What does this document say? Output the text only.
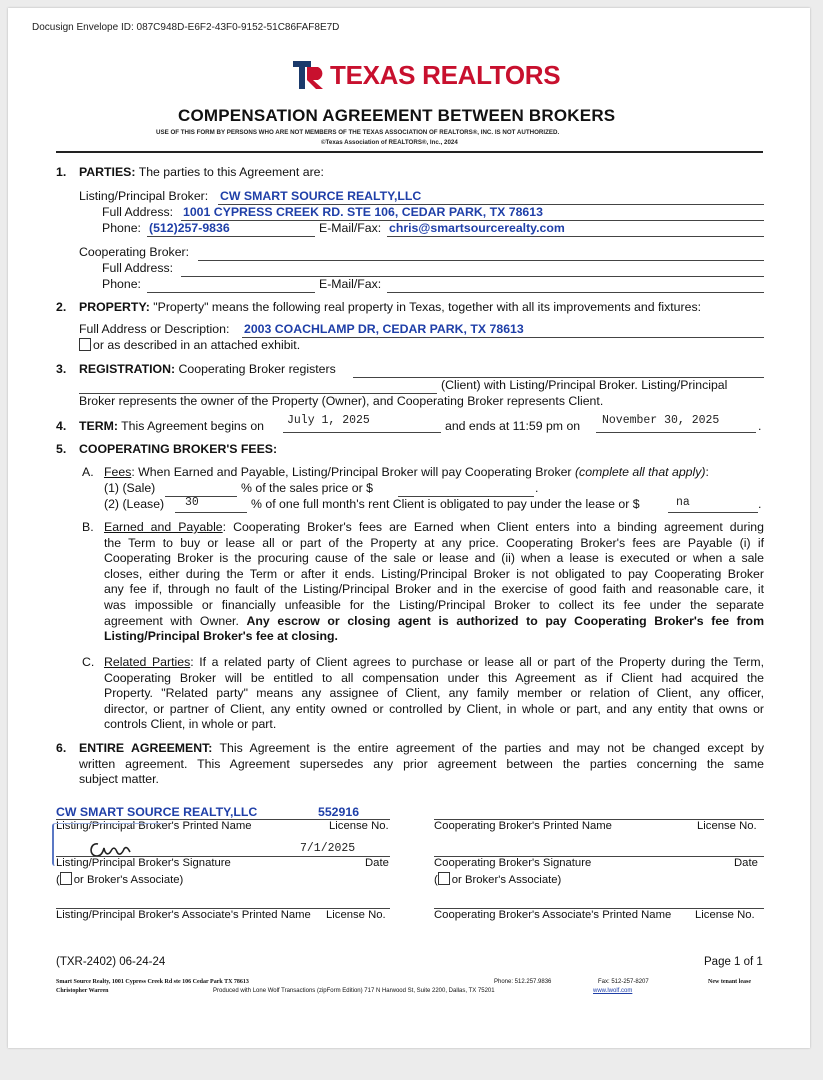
Docusign Envelope ID: 087C948D-E6F2-43F0-9152-51C86FAF8E7D
TEXAS REALTORS
COMPENSATION AGREEMENT BETWEEN BROKERS
USE OF THIS FORM BY PERSONS WHO ARE NOT MEMBERS OF THE TEXAS ASSOCIATION OF REALTORS®, INC. IS NOT AUTHORIZED.
©Texas Association of REALTORS®, Inc., 2024
1. PARTIES: The parties to this Agreement are:
Listing/Principal Broker: CW SMART SOURCE REALTY,LLC
Full Address: 1001 CYPRESS CREEK RD. STE 106, CEDAR PARK, TX 78613
Phone: (512)257-9836	E-Mail/Fax: chris@smartsourcerealty.com
Cooperating Broker:
Full Address:
Phone:	E-Mail/Fax:
2. PROPERTY: "Property" means the following real property in Texas, together with all its improvements and fixtures:
Full Address or Description: 2003 COACHLAMP DR, CEDAR PARK, TX 78613
or as described in an attached exhibit.
3. REGISTRATION: Cooperating Broker registers
(Client) with Listing/Principal Broker. Listing/Principal
Broker represents the owner of the Property (Owner), and Cooperating Broker represents Client.
4. TERM: This Agreement begins on July 1, 2025	and ends at 11:59 pm on November 30, 2025	.
5. COOPERATING BROKER'S FEES:
A. Fees: When Earned and Payable, Listing/Principal Broker will pay Cooperating Broker (complete all that apply):
(1) (Sale)	% of the sales price or $	.
(2) (Lease) 30	% of one full month's rent Client is obligated to pay under the lease or $	na	.
B. Earned and Payable: Cooperating Broker's fees are Earned when Client enters into a binding agreement during
the Term to buy or lease all or part of the Property at any price. Cooperating Broker's fees are Payable (i) if
Cooperating Broker is the procuring cause of the sale or lease and (ii) when a lease is executed or when a sale
closes, either during the Term or after it ends. Listing/Principal Broker is not obligated to pay Cooperating Broker
any fee if, through no fault of the Listing/Principal Broker and in the exercise of good faith and reasonable care, it
was impossible or financially unfeasible for the Listing/Principal Broker to collect its fee under the separate
agreement with Owner. Any escrow or closing agent is authorized to pay Cooperating Broker's fee from
Listing/Principal Broker's fee at closing.
C. Related Parties: If a related party of Client agrees to purchase or lease all or part of the Property during the Term,
Cooperating Broker will be entitled to all compensation under this Agreement as if Client had acquired the
Property. "Related party" means any assignee of Client, any family member or relation of Client, any officer,
director, or partner of Client, any entity owned or controlled by Client, in whole or part, and any entity that owns or
controls Client, in whole or part.
6. ENTIRE AGREEMENT: This Agreement is the entire agreement of the parties and may not be changed except by
written agreement. This Agreement supersedes any prior agreement between the parties concerning the same
subject matter.
CW SMART SOURCE REALTY,LLC	552916
Listing/Principal Broker's Printed Name	License No.	Cooperating Broker's Printed Name	License No.
7/1/2025
Listing/Principal Broker's Signature	Date
( or Broker's Associate)
Cooperating Broker's Signature	Date
( or Broker's Associate)
Listing/Principal Broker's Associate's Printed Name License No.	Cooperating Broker's Associate's Printed Name License No.
(TXR-2402) 06-24-24	Page 1 of 1
Smart Source Realty, 1001 Cypress Creek Rd ste 106 Cedar Park TX 78613	Phone: 512.257.9836	Fax: 512-257-8207	New tenant lease
Christopher Warren	Produced with Lone Wolf Transactions (zipForm Edition) 717 N Harwood St, Suite 2200, Dallas, TX 75201	www.lwolf.com
